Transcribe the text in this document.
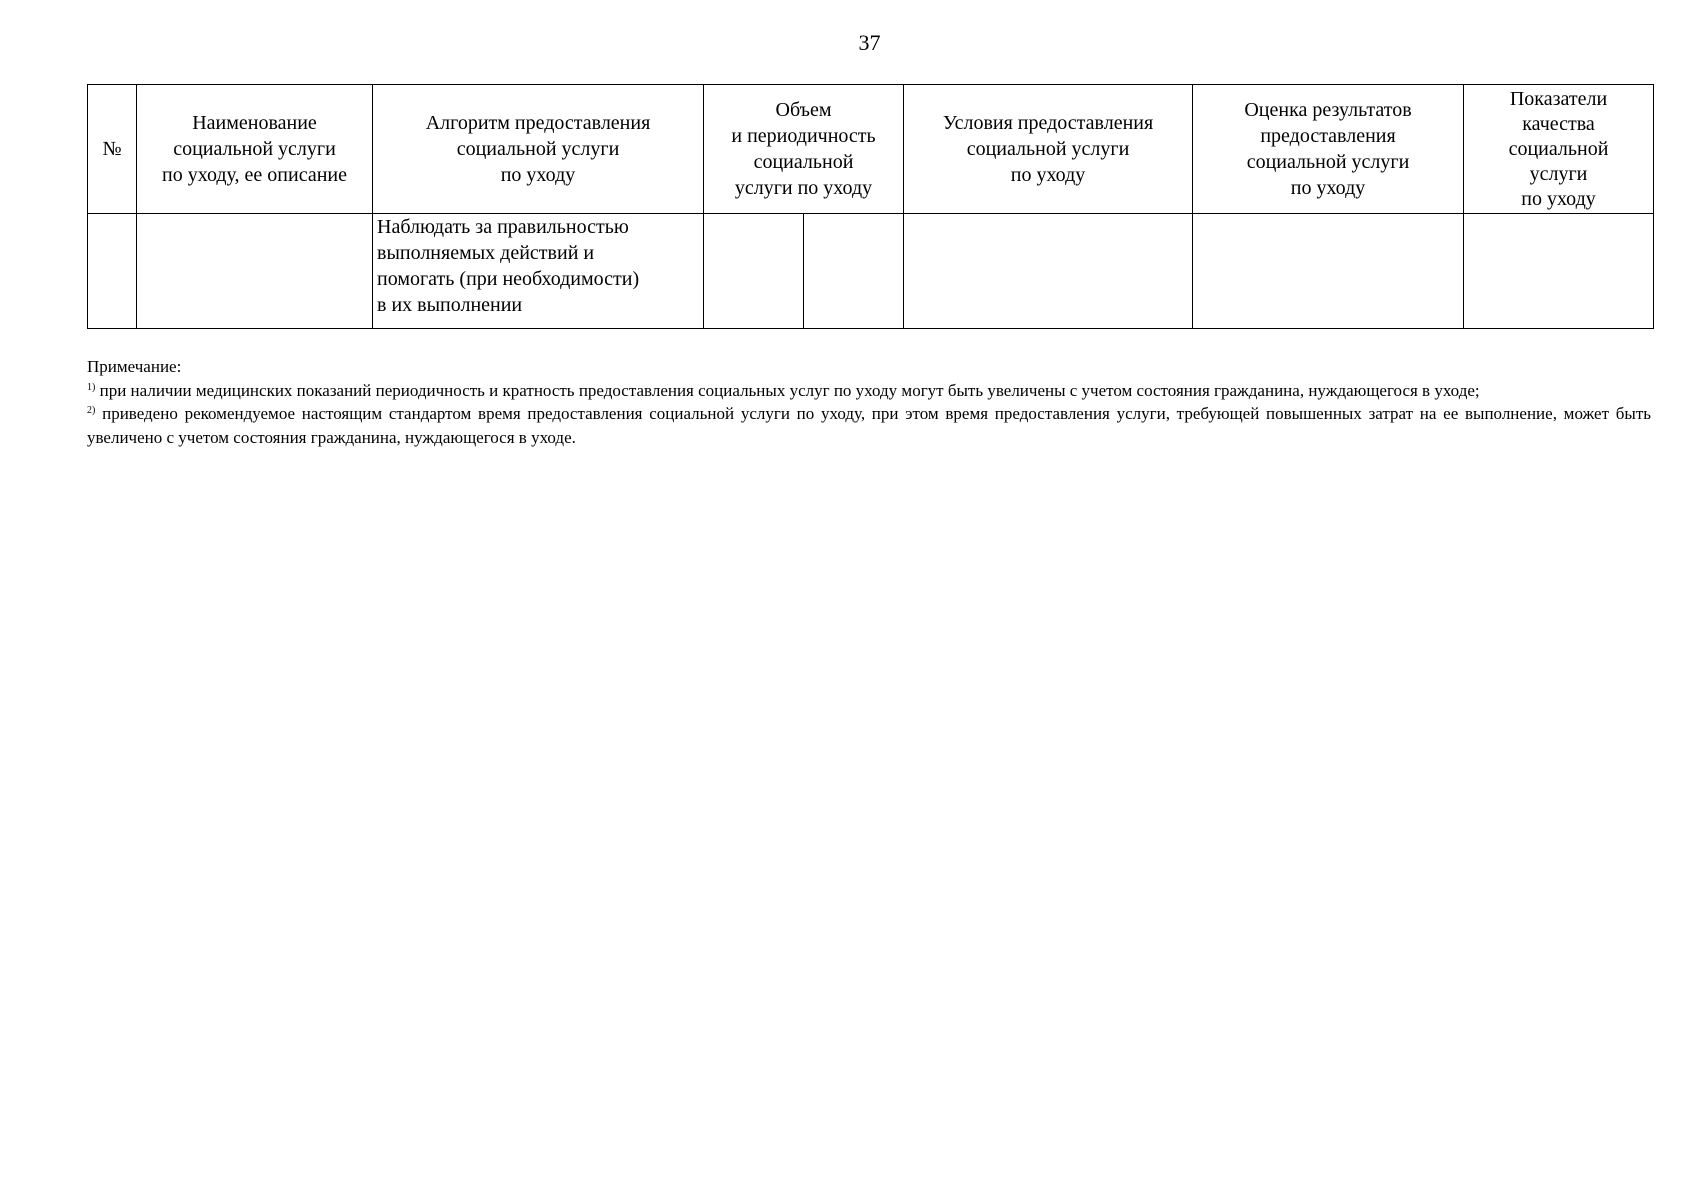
37
№	Наименование
социальной услуги
по уходу, ее описание	Алгоритм предоставления
социальной услуги
по уходу	Объем
и периодичность
социальной
услуги по уходу		Условия предоставления
социальной услуги
по уходу	Оценка результатов
предоставления
социальной услуги
по уходу	Показатели
качества
социальной
услуги
по уходу
		Наблюдать за правильностью
выполняемых действий и
помогать (при необходимости)
в их выполнении					

Примечание:

$^{1)}$ при наличии медицинских показаний периодичность и кратность предоставления социальных услуг по уходу могут быть увеличены с учетом состояния гражданина, нуждающегося в уходе;

$^{2)}$ приведено рекомендуемое настоящим стандартом время предоставления социальной услуги по уходу, при этом время предоставления услуги, требующей повышенных затрат на ее выполнение, может быть увеличено с учетом состояния гражданина, нуждающегося в уходе.
